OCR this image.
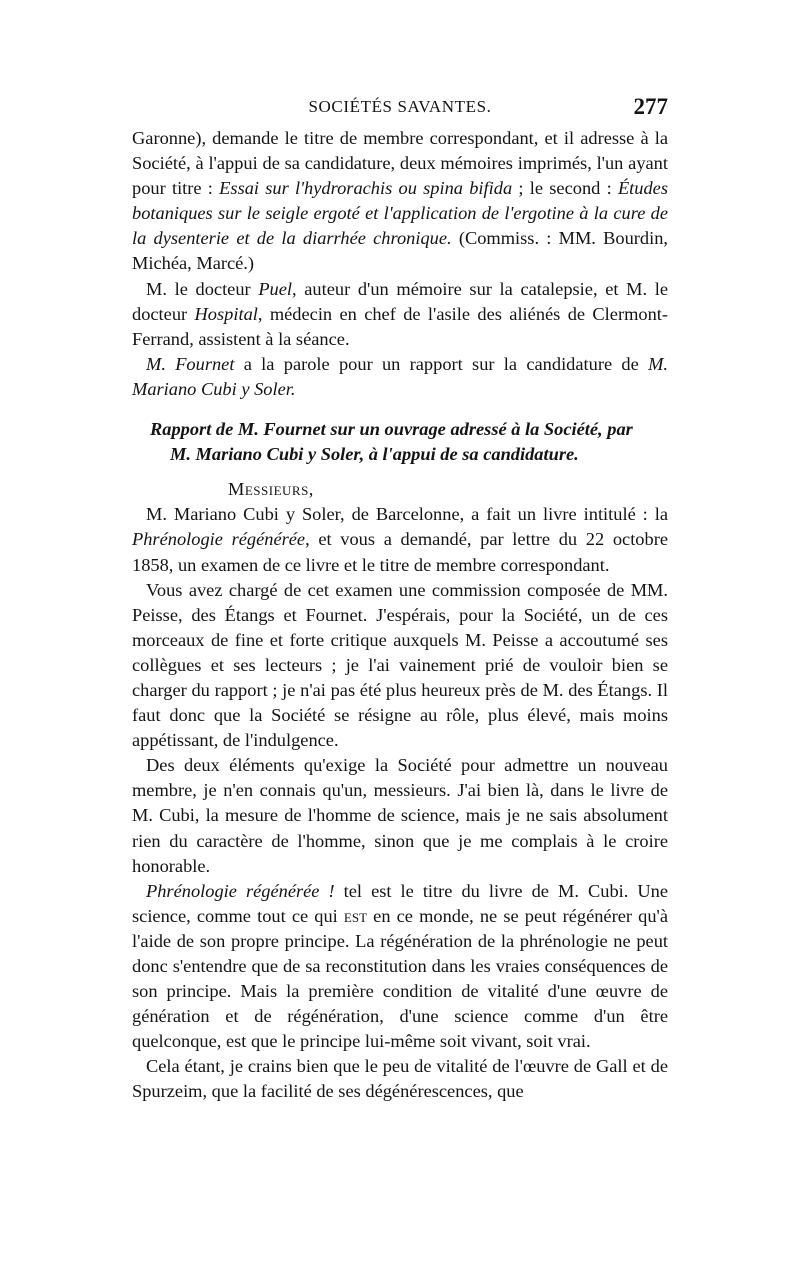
SOCIÉTÉS SAVANTES.	277

Garonne), demande le titre de membre correspondant, et il adresse à la Société, à l'appui de sa candidature, deux mémoires imprimés, l'un ayant pour titre : Essai sur l'hydrorachis ou spina bifida ; le second : Études botaniques sur le seigle ergoté et l'application de l'ergotine à la cure de la dysenterie et de la diarrhée chronique. (Commiss. : MM. Bourdin, Michéa, Marcé.)

M. le docteur Puel, auteur d'un mémoire sur la catalepsie, et M. le docteur Hospital, médecin en chef de l'asile des aliénés de Clermont-Ferrand, assistent à la séance.

M. Fournet a la parole pour un rapport sur la candidature de M. Mariano Cubi y Soler.

Rapport de M. Fournet sur un ouvrage adressé à la Société, par
M. Mariano Cubi y Soler, à l'appui de sa candidature.

Messieurs,

M. Mariano Cubi y Soler, de Barcelonne, a fait un livre intitulé : la Phrénologie régénérée, et vous a demandé, par lettre du 22 octobre 1858, un examen de ce livre et le titre de membre correspondant.

Vous avez chargé de cet examen une commission composée de MM. Peisse, des Étangs et Fournet. J'espérais, pour la Société, un de ces morceaux de fine et forte critique auxquels M. Peisse a accoutumé ses collègues et ses lecteurs ; je l'ai vainement prié de vouloir bien se charger du rapport ; je n'ai pas été plus heureux près de M. des Étangs. Il faut donc que la Société se résigne au rôle, plus élevé, mais moins appétissant, de l'indulgence.

Des deux éléments qu'exige la Société pour admettre un nouveau membre, je n'en connais qu'un, messieurs. J'ai bien là, dans le livre de M. Cubi, la mesure de l'homme de science, mais je ne sais absolument rien du caractère de l'homme, sinon que je me complais à le croire honorable.

Phrénologie régénérée ! tel est le titre du livre de M. Cubi. Une science, comme tout ce qui est en ce monde, ne se peut régénérer qu'à l'aide de son propre principe. La régénération de la phrénologie ne peut donc s'entendre que de sa reconstitution dans les vraies conséquences de son principe. Mais la première condition de vitalité d'une œuvre de génération et de régénération, d'une science comme d'un être quelconque, est que le principe lui-même soit vivant, soit vrai.

Cela étant, je crains bien que le peu de vitalité de l'œuvre de Gall et de Spurzeim, que la facilité de ses dégénérescences, que
